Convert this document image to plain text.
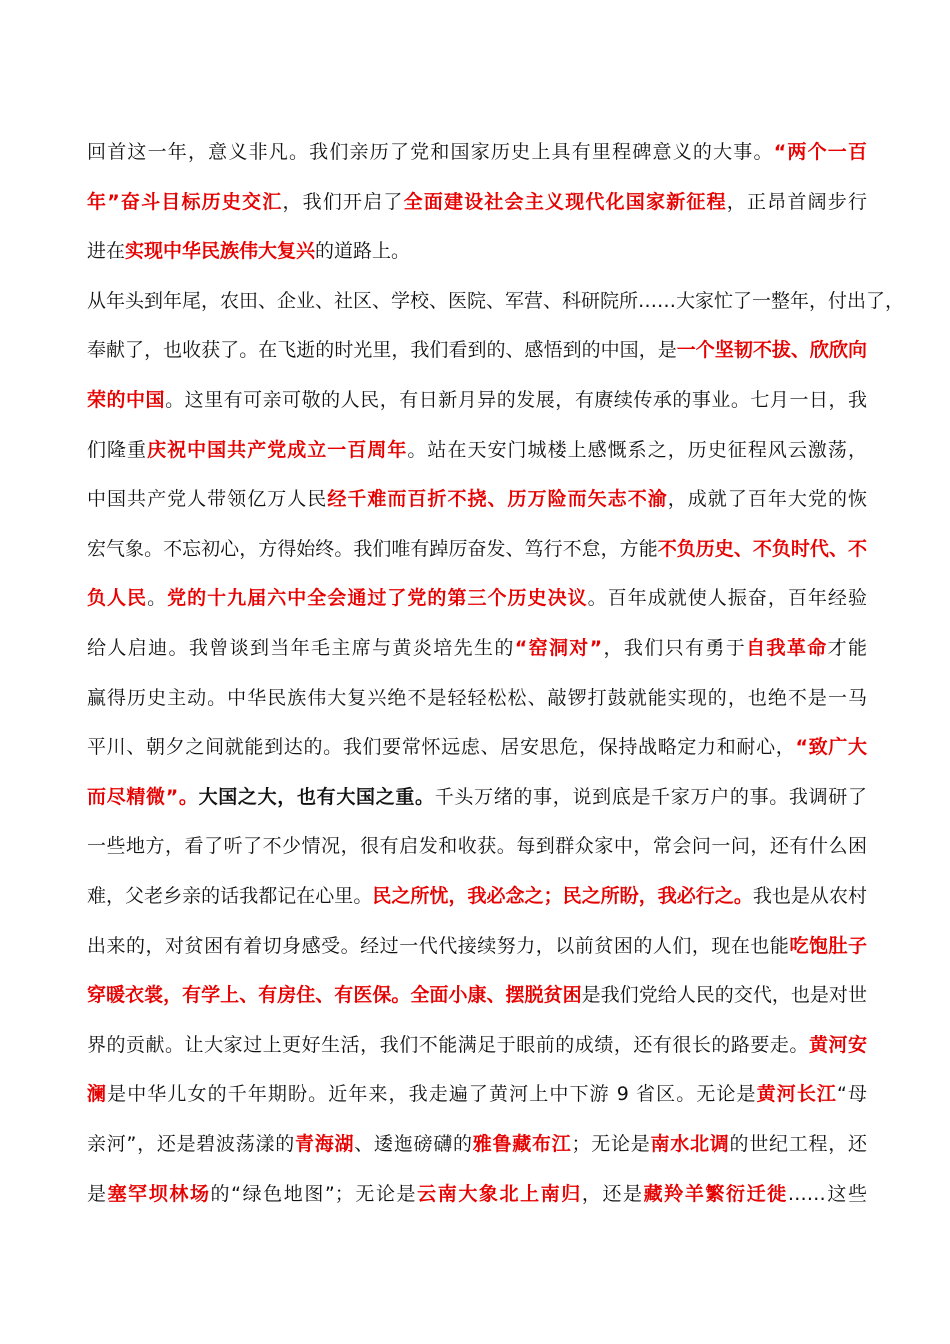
回首这一年，意义非凡。我们亲历了党和国家历史上具有里程碑意义的大事。“两个一百
年”奋斗目标历史交汇，我们开启了全面建设社会主义现代化国家新征程，正昂首阔步行
进在实现中华民族伟大复兴的道路上。
从年头到年尾，农田、企业、社区、学校、医院、军营、科研院所……大家忙了一整年，付出了，
奉献了，也收获了。在飞逝的时光里，我们看到的、感悟到的中国，是一个坚韧不拔、欣欣向
荣的中国。这里有可亲可敬的人民，有日新月异的发展，有赓续传承的事业。七月一日，我
们隆重庆祝中国共产党成立一百周年。站在天安门城楼上感慨系之，历史征程风云激荡，
中国共产党人带领亿万人民经千难而百折不挠、历万险而矢志不渝，成就了百年大党的恢
宏气象。不忘初心，方得始终。我们唯有踔厉奋发、笃行不怠，方能不负历史、不负时代、不
负人民。党的十九届六中全会通过了党的第三个历史决议。百年成就使人振奋，百年经验
给人启迪。我曾谈到当年毛主席与黄炎培先生的“窑洞对”，我们只有勇于自我革命才能
赢得历史主动。中华民族伟大复兴绝不是轻轻松松、敲锣打鼓就能实现的，也绝不是一马
平川、朝夕之间就能到达的。我们要常怀远虑、居安思危，保持战略定力和耐心，“致广大
而尽精微”。大国之大，也有大国之重。千头万绪的事，说到底是千家万户的事。我调研了
一些地方，看了听了不少情况，很有启发和收获。每到群众家中，常会问一问，还有什么困
难，父老乡亲的话我都记在心里。民之所忧，我必念之；民之所盼，我必行之。我也是从农村
出来的，对贫困有着切身感受。经过一代代接续努力，以前贫困的人们，现在也能吃饱肚子
穿暖衣裳，有学上、有房住、有医保。全面小康、摆脱贫困是我们党给人民的交代，也是对世
界的贡献。让大家过上更好生活，我们不能满足于眼前的成绩，还有很长的路要走。黄河安
澜是中华儿女的千年期盼。近年来，我走遍了黄河上中下游 9 省区。无论是黄河长江“母
亲河”，还是碧波荡漾的青海湖、逶迤磅礴的雅鲁藏布江；无论是南水北调的世纪工程，还
是塞罕坝林场的“绿色地图”；无论是云南大象北上南归，还是藏羚羊繁衍迁徙……这些
